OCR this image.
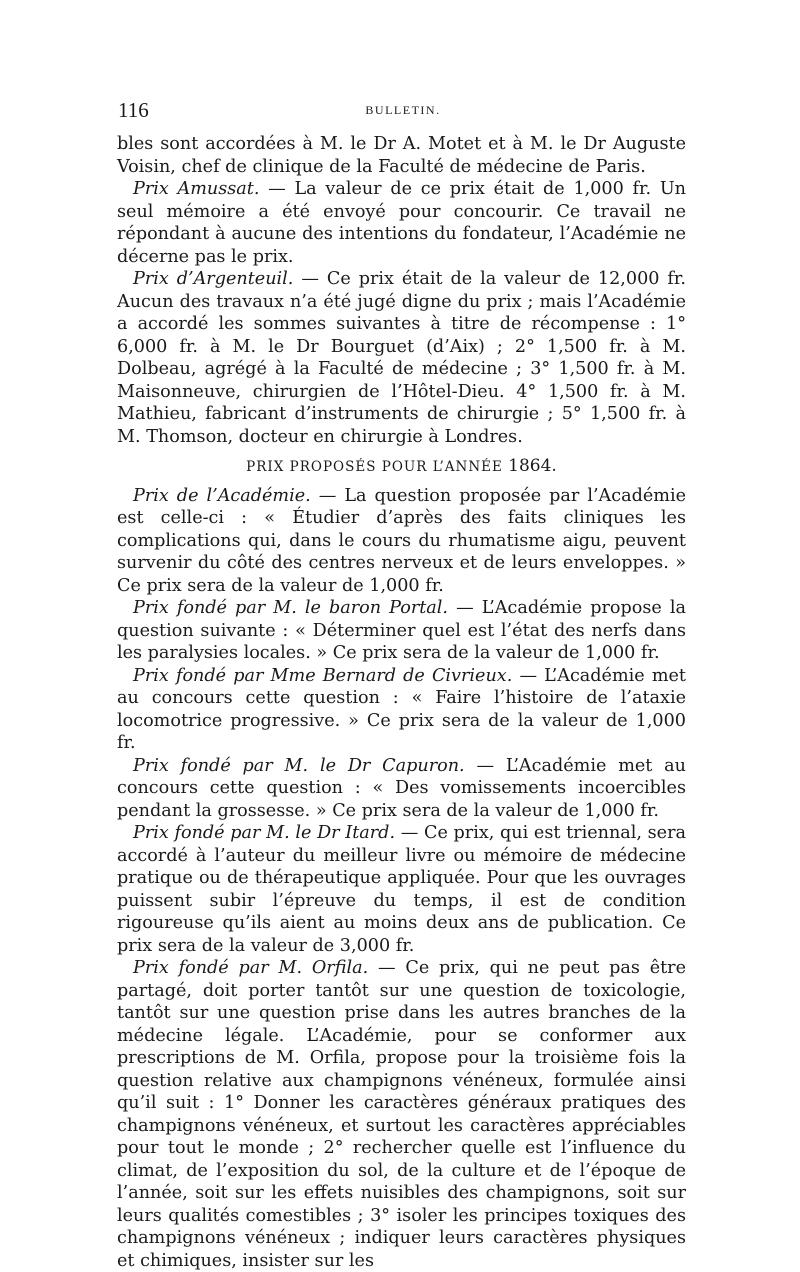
116	BULLETIN.

bles sont accordées à M. le Dr A. Motet et à M. le Dr Auguste Voisin, chef de clinique de la Faculté de médecine de Paris.

Prix Amussat. — La valeur de ce prix était de 1,000 fr. Un seul mémoire a été envoyé pour concourir. Ce travail ne répondant à aucune des intentions du fondateur, l’Académie ne décerne pas le prix.

Prix d’Argenteuil. — Ce prix était de la valeur de 12,000 fr. Aucun des travaux n’a été jugé digne du prix ; mais l’Académie a accordé les sommes suivantes à titre de récompense : 1° 6,000 fr. à M. le Dr Bourguet (d’Aix) ; 2° 1,500 fr. à M. Dolbeau, agrégé à la Faculté de médecine ; 3° 1,500 fr. à M. Maisonneuve, chirurgien de l’Hôtel-Dieu. 4° 1,500 fr. à M. Mathieu, fabricant d’instruments de chirurgie ; 5° 1,500 fr. à M. Thomson, docteur en chirurgie à Londres.

PRIX PROPOSÉS POUR L’ANNÉE 1864.

Prix de l’Académie. — La question proposée par l’Académie est celle-ci : « Étudier d’après des faits cliniques les complications qui, dans le cours du rhumatisme aigu, peuvent survenir du côté des centres nerveux et de leurs enveloppes. » Ce prix sera de la valeur de 1,000 fr.

Prix fondé par M. le baron Portal. — L’Académie propose la question suivante : « Déterminer quel est l’état des nerfs dans les paralysies locales. » Ce prix sera de la valeur de 1,000 fr.

Prix fondé par Mme Bernard de Civrieux. — L’Académie met au concours cette question : « Faire l’histoire de l’ataxie locomotrice progressive. » Ce prix sera de la valeur de 1,000 fr.

Prix fondé par M. le Dr Capuron. — L’Académie met au concours cette question : « Des vomissements incoercibles pendant la grossesse. » Ce prix sera de la valeur de 1,000 fr.

Prix fondé par M. le Dr Itard. — Ce prix, qui est triennal, sera accordé à l’auteur du meilleur livre ou mémoire de médecine pratique ou de thérapeutique appliquée. Pour que les ouvrages puissent subir l’épreuve du temps, il est de condition rigoureuse qu’ils aient au moins deux ans de publication. Ce prix sera de la valeur de 3,000 fr.

Prix fondé par M. Orfila. — Ce prix, qui ne peut pas être partagé, doit porter tantôt sur une question de toxicologie, tantôt sur une question prise dans les autres branches de la médecine légale. L’Académie, pour se conformer aux prescriptions de M. Orfila, propose pour la troisième fois la question relative aux champignons vénéneux, formulée ainsi qu’il suit : 1° Donner les caractères généraux pratiques des champignons vénéneux, et surtout les caractères appréciables pour tout le monde ; 2° rechercher quelle est l’influence du climat, de l’exposition du sol, de la culture et de l’époque de l’année, soit sur les effets nuisibles des champignons, soit sur leurs qualités comestibles ; 3° isoler les principes toxiques des champignons vénéneux ; indiquer leurs caractères physiques et chimiques, insister sur les
